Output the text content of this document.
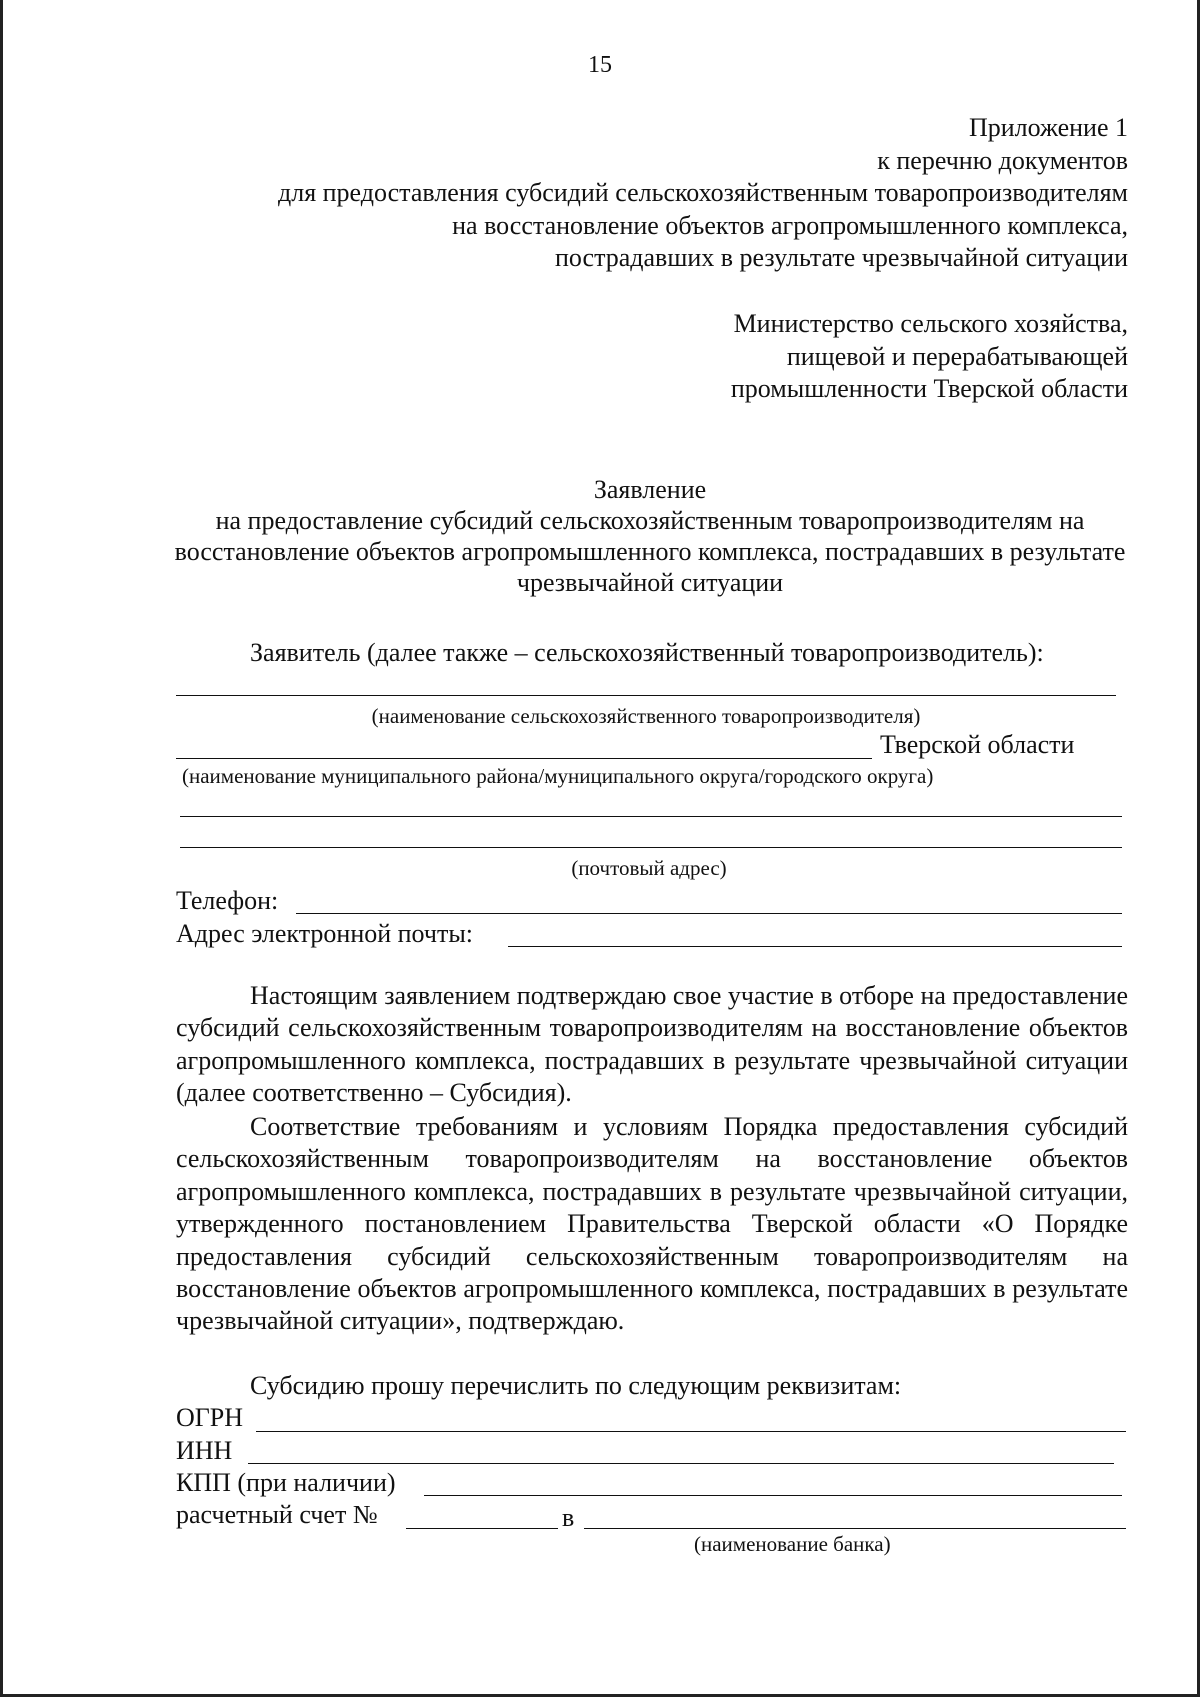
15
Приложение 1
к перечню документов
для предоставления субсидий сельскохозяйственным товаропроизводителям
на восстановление объектов агропромышленного комплекса,
пострадавших в результате чрезвычайной ситуации
Министерство сельского хозяйства,
пищевой и перерабатывающей
промышленности Тверской области
Заявление
на предоставление субсидий сельскохозяйственным товаропроизводителям на восстановление объектов агропромышленного комплекса, пострадавших в результате чрезвычайной ситуации
Заявитель (далее также – сельскохозяйственный товаропроизводитель):
(наименование сельскохозяйственного товаропроизводителя)
Тверской области
(наименование муниципального района/муниципального округа/городского округа)
(почтовый адрес)
Телефон:
Адрес электронной почты:
Настоящим заявлением подтверждаю свое участие в отборе на предоставление субсидий сельскохозяйственным товаропроизводителям на восстановление объектов агропромышленного комплекса, пострадавших в результате чрезвычайной ситуации (далее соответственно – Субсидия).
Соответствие требованиям и условиям Порядка предоставления субсидий сельскохозяйственным товаропроизводителям на восстановление объектов агропромышленного комплекса, пострадавших в результате чрезвычайной ситуации, утвержденного постановлением Правительства Тверской области «О Порядке предоставления субсидий сельскохозяйственным товаропроизводителям на восстановление объектов агропромышленного комплекса, пострадавших в результате чрезвычайной ситуации», подтверждаю.
Субсидию прошу перечислить по следующим реквизитам:
ОГРН
ИНН
КПП (при наличии)
расчетный счет №	в
(наименование банка)
